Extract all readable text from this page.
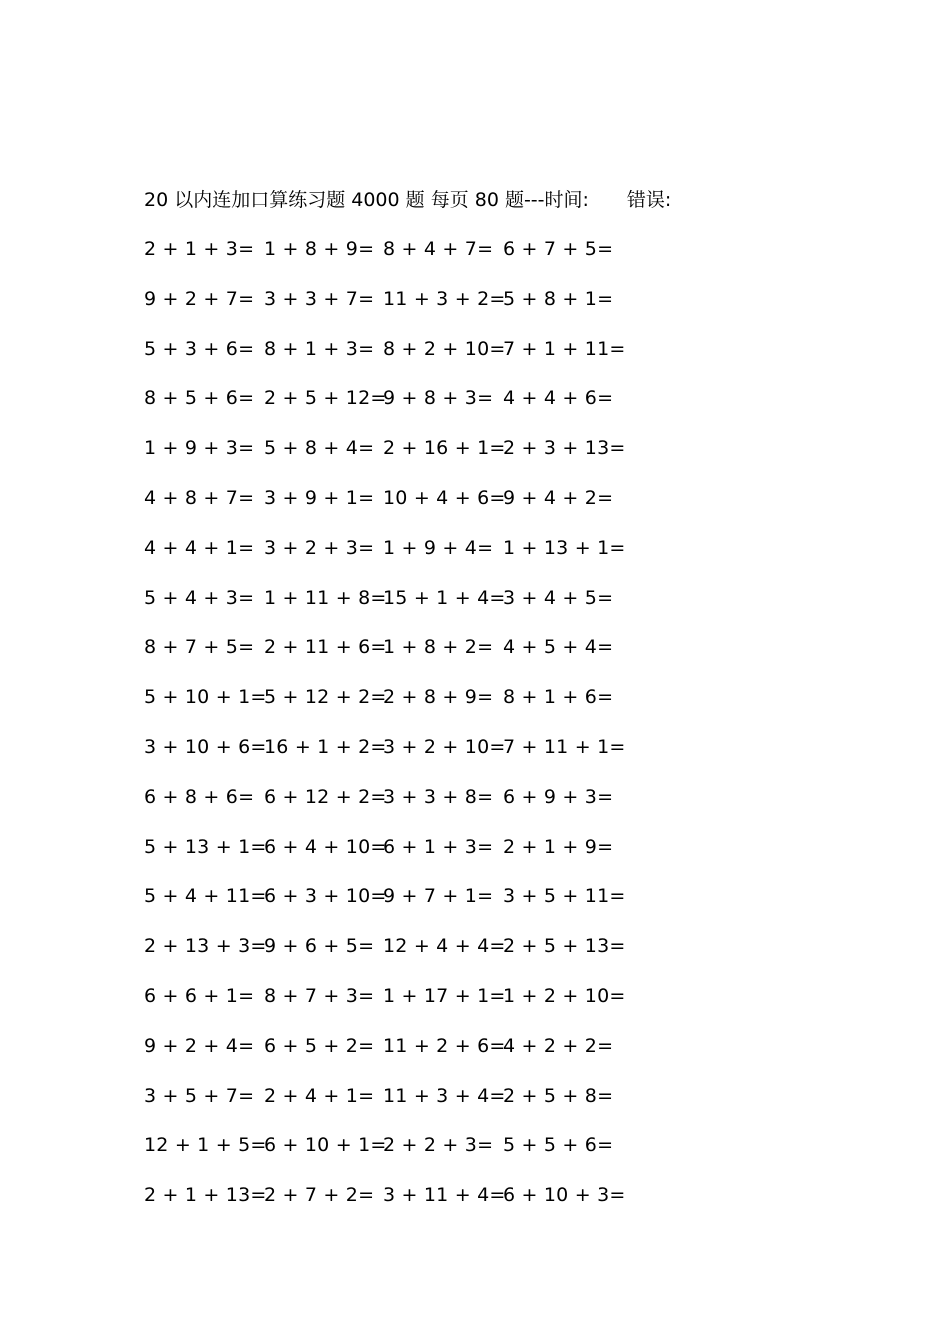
20 以内连加口算练习题 4000 题 每页 80 题---时间: 错误:
2 + 1 + 3= 1 + 8 + 9= 8 + 4 + 7= 6 + 7 + 5=
9 + 2 + 7= 3 + 3 + 7= 11 + 3 + 2=
5 + 8 + 1=
5 + 3 + 6= 8 + 1 + 3= 8 + 2 + 10=
7 + 1 + 11=
8 + 5 + 6= 2 + 5 + 12=
9 + 8 + 3= 4 + 4 + 6=
1 + 9 + 3= 5 + 8 + 4= 2 + 16 + 1=
2 + 3 + 13=
4 + 8 + 7= 3 + 9 + 1= 10 + 4 + 6=
9 + 4 + 2=
4 + 4 + 1= 3 + 2 + 3= 1 + 9 + 4= 1 + 13 + 1=
5 + 4 + 3= 1 + 11 + 8=
15 + 1 + 4=
3 + 4 + 5=
8 + 7 + 5= 2 + 11 + 6=
1 + 8 + 2= 4 + 5 + 4=
5 + 10 + 1=
5 + 12 + 2=
2 + 8 + 9= 8 + 1 + 6=
3 + 10 + 6=
16 + 1 + 2=
3 + 2 + 10=
7 + 11 + 1=
6 + 8 + 6= 6 + 12 + 2=
3 + 3 + 8= 6 + 9 + 3=
5 + 13 + 1=
6 + 4 + 10=
6 + 1 + 3= 2 + 1 + 9=
5 + 4 + 11=
6 + 3 + 10=
9 + 7 + 1= 3 + 5 + 11=
2 + 13 + 3=
9 + 6 + 5= 12 + 4 + 4=
2 + 5 + 13=
6 + 6 + 1= 8 + 7 + 3= 1 + 17 + 1=
1 + 2 + 10=
9 + 2 + 4= 6 + 5 + 2= 11 + 2 + 6=
4 + 2 + 2=
3 + 5 + 7= 2 + 4 + 1= 11 + 3 + 4=
2 + 5 + 8=
12 + 1 + 5=
6 + 10 + 1=
2 + 2 + 3= 5 + 5 + 6=
2 + 1 + 13=
2 + 7 + 2= 3 + 11 + 4=
6 + 10 + 3=
